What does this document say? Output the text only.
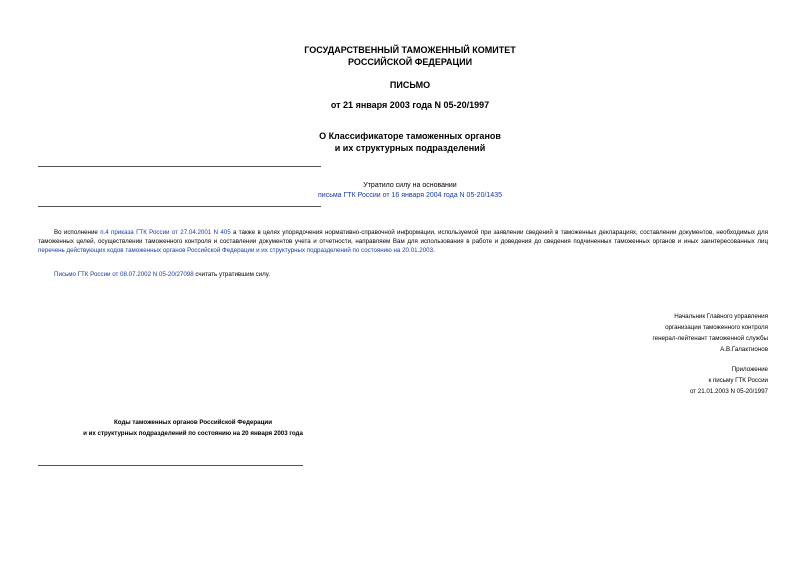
ГОСУДАРСТВЕННЫЙ ТАМОЖЕННЫЙ КОМИТЕТ
РОССИЙСКОЙ ФЕДЕРАЦИИ
ПИСЬМО
от 21 января 2003 года N 05-20/1997
О Классификаторе таможенных органов
и их структурных подразделений
Утратило силу на основании
письма ГТК России от 16 января 2004 года N 05-20/1435
Во исполнение п.4 приказа ГТК России от 27.04.2001 N 405 а также в целях упорядочения нормативно-справочной информации, используемой при заявлении сведений в таможенных декларациях, составлении документов, необходимых для таможенных целей, осуществлении таможенного контроля и составлении документов учета и отчетности, направляем Вам для использования в работе и доведения до сведения подчиненных таможенных органов и иных заинтересованных лиц перечень действующих кодов таможенных органов Российской Федерации и их структурных подразделений по состоянию на 20.01.2003.
Письмо ГТК России от 08.07.2002 N 05-20/27098 считать утратившим силу.
Начальник Главного управления
организации таможенного контроля
генерал-лейтенант таможенной службы
А.В.Галактионов
Приложение
к письму ГТК России
от 21.01.2003 N 05-20/1997
Коды таможенных органов Российской Федерации
и их структурных подразделений по состоянию на 20 января 2003 года
